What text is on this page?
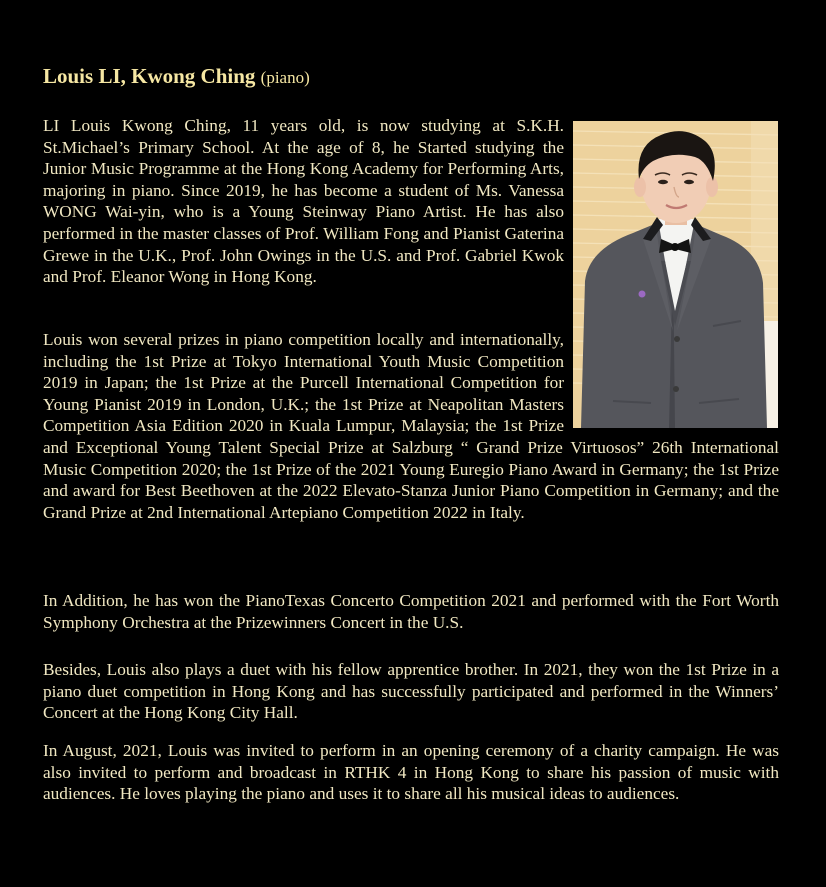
Louis LI, Kwong Ching (piano)

LI Louis Kwong Ching, 11 years old, is now studying at S.K.H. St.Michael’s Primary School. At the age of 8, he Started studying the Junior Music Programme at the Hong Kong Academy for Performing Arts, majoring in piano. Since 2019, he has become a student of Ms. Vanessa WONG Wai-yin, who is a Young Steinway Piano Artist. He has also performed in the master classes of Prof. William Fong and Pianist Gaterina Grewe in the U.K., Prof. John Owings in the U.S. and Prof. Gabriel Kwok and Prof. Eleanor Wong in Hong Kong.

Louis won several prizes in piano competition locally and internationally, including the 1st Prize at Tokyo International Youth Music Competition 2019 in Japan; the 1st Prize at the Purcell International Competition for Young Pianist 2019 in London, U.K.; the 1st Prize at Neapolitan Masters Competition Asia Edition 2020 in Kuala Lumpur, Malaysia; the 1st Prize and Exceptional Young Talent Special Prize at Salzburg “ Grand Prize Virtuosos” 26th International Music Competition 2020; the 1st Prize of the 2021 Young Euregio Piano Award in Germany; the 1st Prize and award for Best Beethoven at the 2022 Elevato-Stanza Junior Piano Competition in Germany; and the Grand Prize at 2nd International Artepiano Competition 2022 in Italy.

In Addition, he has won the PianoTexas Concerto Competition 2021 and performed with the Fort Worth Symphony Orchestra at the Prizewinners Concert in the U.S.

Besides, Louis also plays a duet with his fellow apprentice brother. In 2021, they won the 1st Prize in a piano duet competition in Hong Kong and has successfully participated and performed in the Winners’ Concert at the Hong Kong City Hall.

In August, 2021, Louis was invited to perform in an opening ceremony of a charity campaign. He was also invited to perform and broadcast in RTHK 4 in Hong Kong to share his passion of music with audiences. He loves playing the piano and uses it to share all his musical ideas to audiences.
